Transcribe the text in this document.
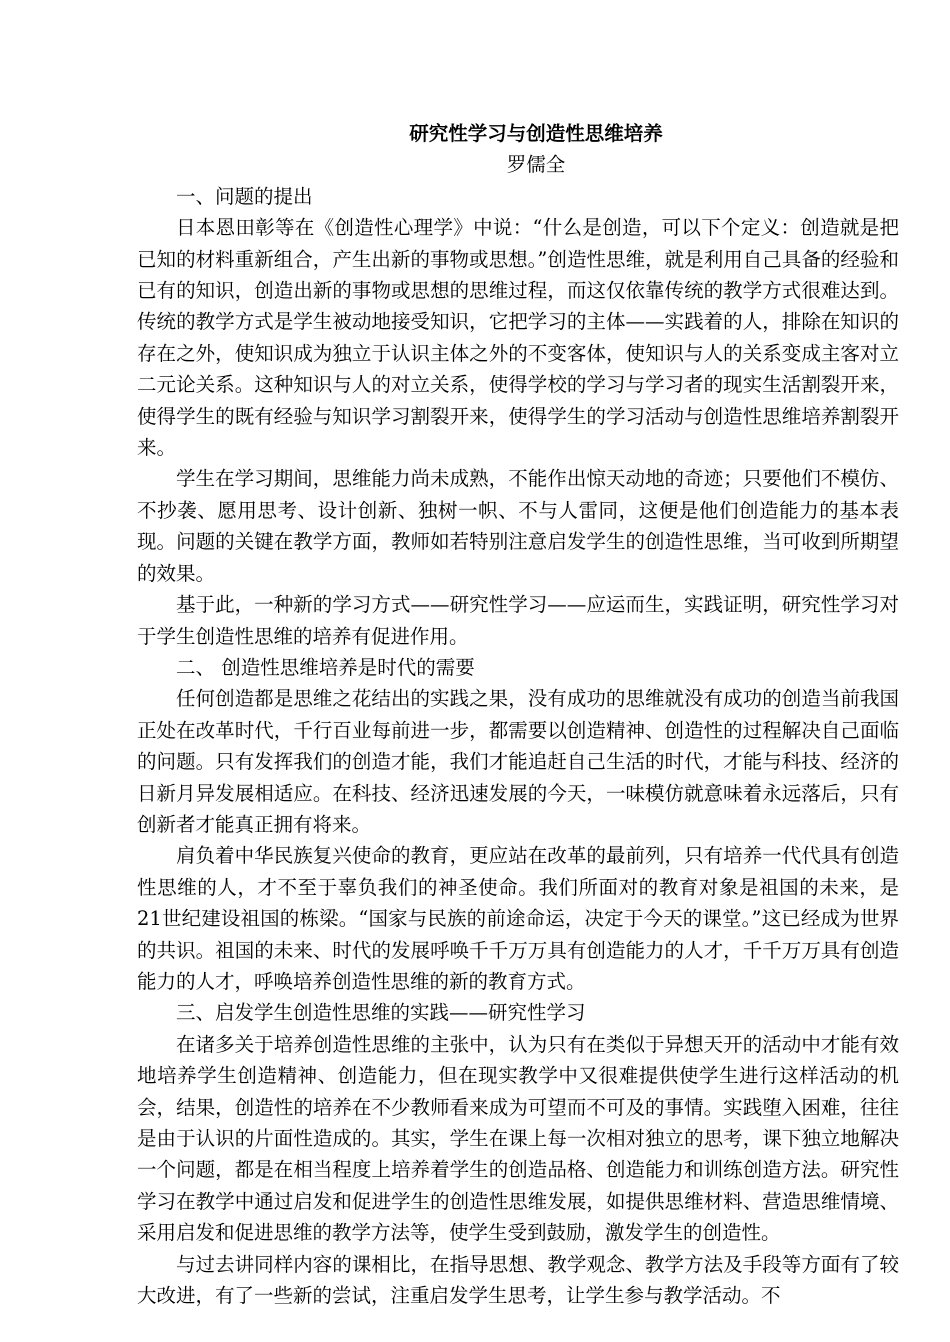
研究性学习与创造性思维培养

罗儒全

一、问题的提出

日本恩田彰等在《创造性心理学》中说：“什么是创造，可以下个定义：创造就是把已知的材料重新组合，产生出新的事物或思想。”创造性思维，就是利用自己具备的经验和已有的知识，创造出新的事物或思想的思维过程，而这仅依靠传统的教学方式很难达到。传统的教学方式是学生被动地接受知识，它把学习的主体——实践着的人，排除在知识的存在之外，使知识成为独立于认识主体之外的不变客体，使知识与人的关系变成主客对立二元论关系。这种知识与人的对立关系，使得学校的学习与学习者的现实生活割裂开来，使得学生的既有经验与知识学习割裂开来，使得学生的学习活动与创造性思维培养割裂开来。

学生在学习期间，思维能力尚未成熟，不能作出惊天动地的奇迹；只要他们不模仿、不抄袭、愿用思考、设计创新、独树一帜、不与人雷同，这便是他们创造能力的基本表现。问题的关键在教学方面，教师如若特别注意启发学生的创造性思维，当可收到所期望的效果。

基于此，一种新的学习方式——研究性学习——应运而生，实践证明，研究性学习对于学生创造性思维的培养有促进作用。

二、 创造性思维培养是时代的需要

任何创造都是思维之花结出的实践之果，没有成功的思维就没有成功的创造当前我国正处在改革时代，千行百业每前进一步，都需要以创造精神、创造性的过程解决自己面临的问题。只有发挥我们的创造才能，我们才能追赶自己生活的时代，才能与科技、经济的日新月异发展相适应。在科技、经济迅速发展的今天，一味模仿就意味着永远落后，只有创新者才能真正拥有将来。

肩负着中华民族复兴使命的教育，更应站在改革的最前列，只有培养一代代具有创造性思维的人，才不至于辜负我们的神圣使命。我们所面对的教育对象是祖国的未来，是21世纪建设祖国的栋梁。“国家与民族的前途命运，决定于今天的课堂。”这已经成为世界的共识。祖国的未来、时代的发展呼唤千千万万具有创造能力的人才，千千万万具有创造能力的人才，呼唤培养创造性思维的新的教育方式。

三、启发学生创造性思维的实践——研究性学习

在诸多关于培养创造性思维的主张中，认为只有在类似于异想天开的活动中才能有效地培养学生创造精神、创造能力，但在现实教学中又很难提供使学生进行这样活动的机会，结果，创造性的培养在不少教师看来成为可望而不可及的事情。实践堕入困难，往往是由于认识的片面性造成的。其实，学生在课上每一次相对独立的思考，课下独立地解决一个问题，都是在相当程度上培养着学生的创造品格、创造能力和训练创造方法。研究性学习在教学中通过启发和促进学生的创造性思维发展，如提供思维材料、营造思维情境、采用启发和促进思维的教学方法等，使学生受到鼓励，激发学生的创造性。

与过去讲同样内容的课相比，在指导思想、教学观念、教学方法及手段等方面有了较大改进，有了一些新的尝试，注重启发学生思考，让学生参与教学活动。不
